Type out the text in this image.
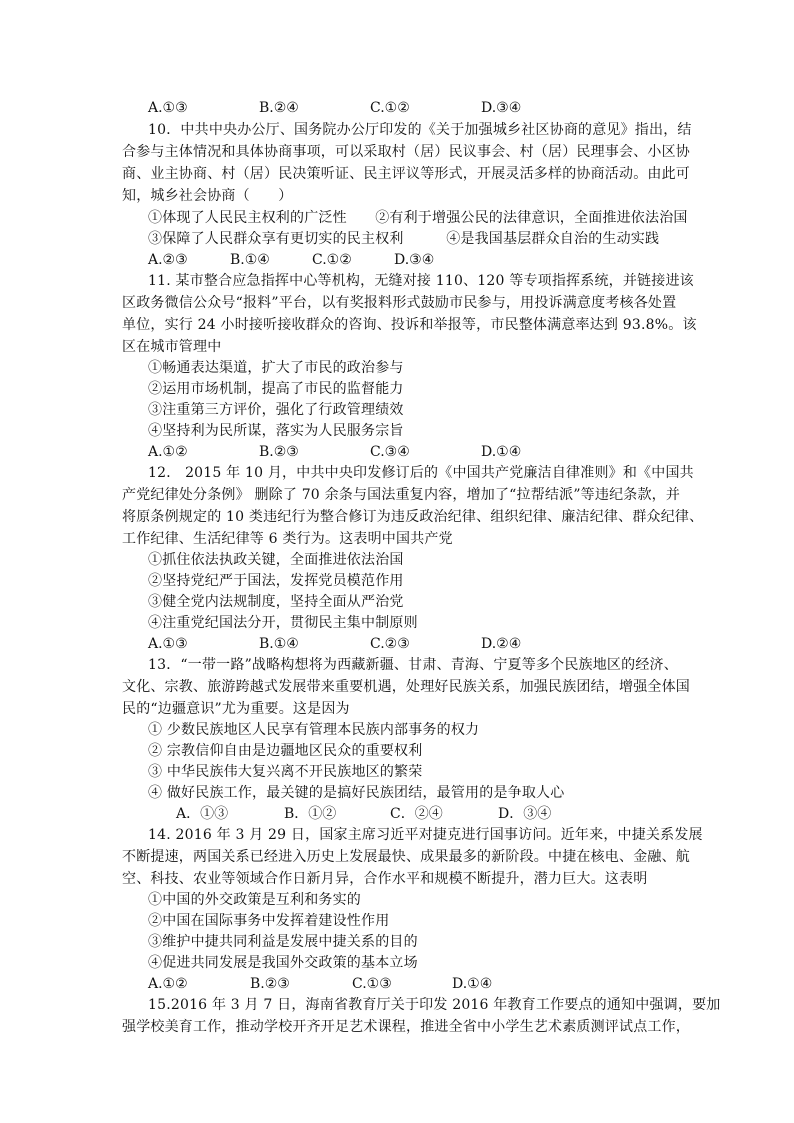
A.①③	B.②④	C.①②	D.③④
10．中共中央办公厅、国务院办公厅印发的《关于加强城乡社区协商的意见》指出，结
合参与主体情况和具体协商事项，可以采取村（居）民议事会、村（居）民理事会、小区协
商、业主协商、村（居）民决策听证、民主评议等形式，开展灵活多样的协商活动。由此可
知，城乡社会协商（　　）
①体现了人民民主权利的广泛性　　②有利于增强公民的法律意识，全面推进依法治国
③保障了人民群众享有更切实的民主权利　　　④是我国基层群众自治的生动实践
A.②③	B.①④	C.①②	D.③④
11. 某市整合应急指挥中心等机构，无缝对接 110、120 等专项指挥系统，并链接进该
区政务微信公众号“报料”平台，以有奖报料形式鼓励市民参与，用投诉满意度考核各处置
单位，实行 24 小时接听接收群众的咨询、投诉和举报等，市民整体满意率达到 93.8%。该
区在城市管理中
①畅通表达渠道，扩大了市民的政治参与
②运用市场机制，提高了市民的监督能力
③注重第三方评价，强化了行政管理绩效
④坚持利为民所谋，落实为人民服务宗旨
A.①②	B.②③	C.③④	D.①④
12． 2015 年 10 月，中共中央印发修订后的《中国共产党廉洁自律准则》和《中国共
产党纪律处分条例》 删除了 70 余条与国法重复内容，增加了“拉帮结派”等违纪条款，并
将原条例规定的 10 类违纪行为整合修订为违反政治纪律、组织纪律、廉洁纪律、群众纪律、
工作纪律、生活纪律等 6 类行为。这表明中国共产党
①抓住依法执政关键，全面推进依法治国
②坚持党纪严于国法，发挥党员模范作用
③健全党内法规制度，坚持全面从严治党
④注重党纪国法分开，贯彻民主集中制原则
A.①③	B.①④	C.②③	D.②④
13．“一带一路”战略构想将为西藏新疆、甘肃、青海、宁夏等多个民族地区的经济、
文化、宗教、旅游跨越式发展带来重要机遇，处理好民族关系，加强民族团结，增强全体国
民的“边疆意识”尤为重要。这是因为
① 少数民族地区人民享有管理本民族内部事务的权力
② 宗教信仰自由是边疆地区民众的重要权利
③ 中华民族伟大复兴离不开民族地区的繁荣
④ 做好民族工作，最关键的是搞好民族团结，最管用的是争取人心
A．①③	B．①②	C．②④	D．③④
14. 2016 年 3 月 29 日，国家主席习近平对捷克进行国事访问。近年来，中捷关系发展
不断提速，两国关系已经进入历史上发展最快、成果最多的新阶段。中捷在核电、金融、航
空、科技、农业等领域合作日新月异，合作水平和规模不断提升，潜力巨大。这表明
①中国的外交政策是互利和务实的
②中国在国际事务中发挥着建设性作用
③维护中捷共同利益是发展中捷关系的目的
④促进共同发展是我国外交政策的基本立场
A.①②	B.②③	C.①③	D.①④
15.2016 年 3 月 7 日，海南省教育厅关于印发 2016 年教育工作要点的通知中强调，要加
强学校美育工作，推动学校开齐开足艺术课程，推进全省中小学生艺术素质测评试点工作，
